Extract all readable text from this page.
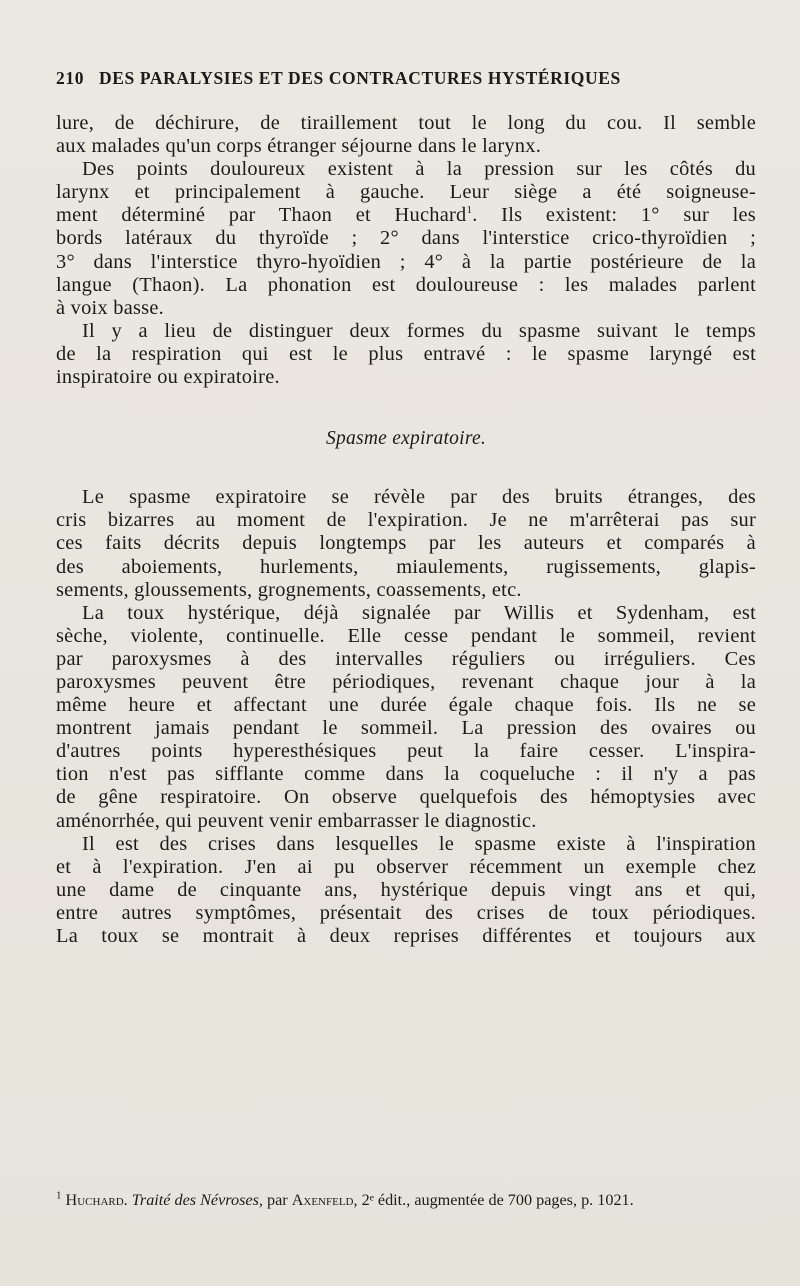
210 DES PARALYSIES ET DES CONTRACTURES HYSTÉRIQUES

lure, de déchirure, de tiraillement tout le long du cou. Il semble

aux malades qu'un corps étranger séjourne dans le larynx.

Des points douloureux existent à la pression sur les côtés du

larynx et principalement à gauche. Leur siège a été soigneuse-

ment déterminé par Thaon et Huchard$^1$. Ils existent: 1° sur les

bords latéraux du thyroïde ; 2° dans l'interstice crico-thyroïdien ;

3° dans l'interstice thyro-hyoïdien ; 4° à la partie postérieure de la

langue (Thaon). La phonation est douloureuse : les malades parlent

à voix basse.

Il y a lieu de distinguer deux formes du spasme suivant le temps

de la respiration qui est le plus entravé : le spasme laryngé est

inspiratoire ou expiratoire.

Spasme expiratoire.

Le spasme expiratoire se révèle par des bruits étranges, des

cris bizarres au moment de l'expiration. Je ne m'arrêterai pas sur

ces faits décrits depuis longtemps par les auteurs et comparés à

des aboiements, hurlements, miaulements, rugissements, glapis-

sements, gloussements, grognements, coassements, etc.

La toux hystérique, déjà signalée par Willis et Sydenham, est

sèche, violente, continuelle. Elle cesse pendant le sommeil, revient

par paroxysmes à des intervalles réguliers ou irréguliers. Ces

paroxysmes peuvent être périodiques, revenant chaque jour à la

même heure et affectant une durée égale chaque fois. Ils ne se

montrent jamais pendant le sommeil. La pression des ovaires ou

d'autres points hyperesthésiques peut la faire cesser. L'inspira-

tion n'est pas sifflante comme dans la coqueluche : il n'y a pas

de gêne respiratoire. On observe quelquefois des hémoptysies avec

aménorrhée, qui peuvent venir embarrasser le diagnostic.

Il est des crises dans lesquelles le spasme existe à l'inspiration

et à l'expiration. J'en ai pu observer récemment un exemple chez

une dame de cinquante ans, hystérique depuis vingt ans et qui,

entre autres symptômes, présentait des crises de toux périodiques.

La toux se montrait à deux reprises différentes et toujours aux

$^1$ Huchard. Traité des Névroses, par Axenfeld, 2ᵉ édit., augmentée de 700 pages, p. 1021.
